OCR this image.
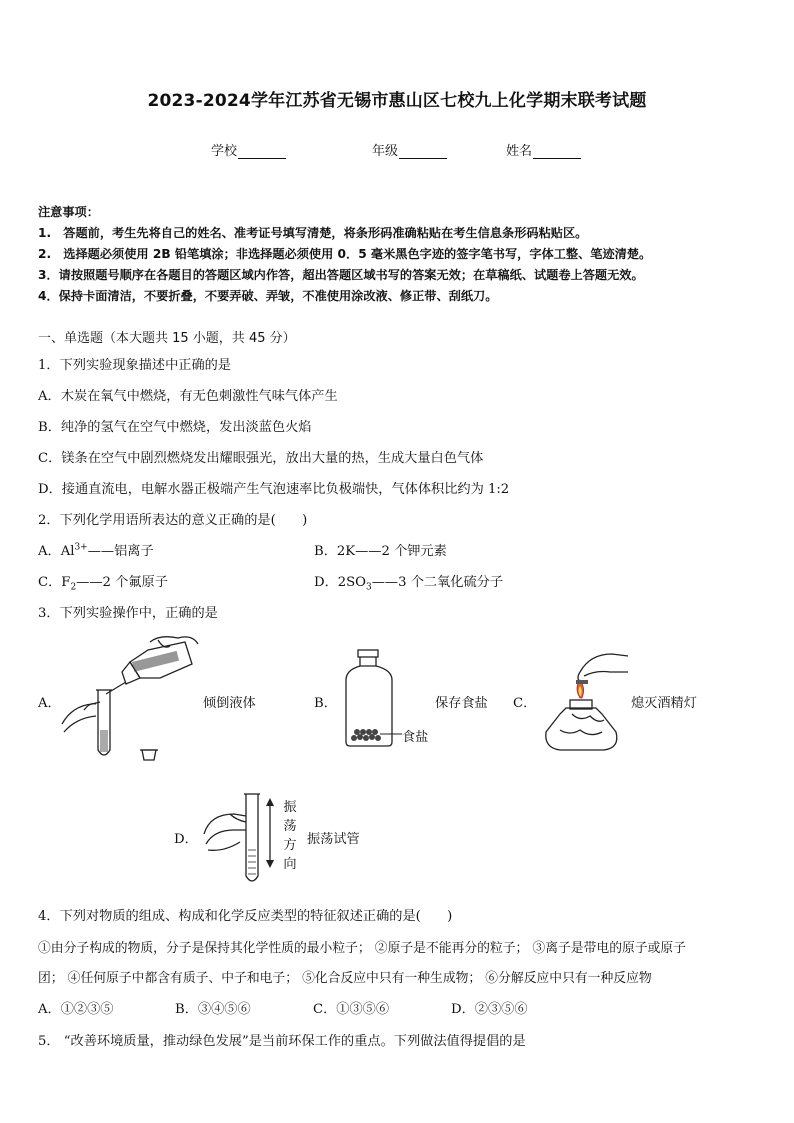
2023-2024学年江苏省无锡市惠山区七校九上化学期末联考试题
学校	年级	姓名
注意事项：
1.　答题前，考生先将自己的姓名、准考证号填写清楚，将条形码准确粘贴在考生信息条形码粘贴区。
2.　选择题必须使用 2B 铅笔填涂；非选择题必须使用 0．5 毫米黑色字迹的签字笔书写，字体工整、笔迹清楚。
3．请按照题号顺序在各题目的答题区域内作答，超出答题区域书写的答案无效；在草稿纸、试题卷上答题无效。
4．保持卡面清洁，不要折叠，不要弄破、弄皱，不准使用涂改液、修正带、刮纸刀。
一、单选题（本大题共 15 小题，共 45 分）
1．下列实验现象描述中正确的是
A．木炭在氧气中燃烧，有无色刺激性气味气体产生
B．纯净的氢气在空气中燃烧，发出淡蓝色火焰
C．镁条在空气中剧烈燃烧发出耀眼强光，放出大量的热，生成大量白色气体
D．接通直流电，电解水器正极端产生气泡速率比负极端快，气体体积比约为 1:2
2．下列化学用语所表达的意义正确的是(　　)
A．$Al^{3+}——$铝离子	B．2K——2 个钾元素
C．$F_2——2$ 个氟原子	D．$2SO_3——3$ 个二氧化硫分子
3．下列实验操作中，正确的是
A．	倾倒液体	B．
食盐
保存食盐 C．	熄灭酒精灯
D．
振
荡
方
向
振荡试管
4．下列对物质的组成、构成和化学反应类型的特征叙述正确的是(　　)
①由分子构成的物质，分子是保持其化学性质的最小粒子； ②原子是不能再分的粒子； ③离子是带电的原子或原子
团； ④任何原子中都含有质子、中子和电子； ⑤化合反应中只有一种生成物； ⑥分解反应中只有一种反应物
A．①②③⑤	B．③④⑤⑥	C．①③⑤⑥	D．②③⑤⑥
5． “改善环境质量，推动绿色发展”是当前环保工作的重点。下列做法值得提倡的是
